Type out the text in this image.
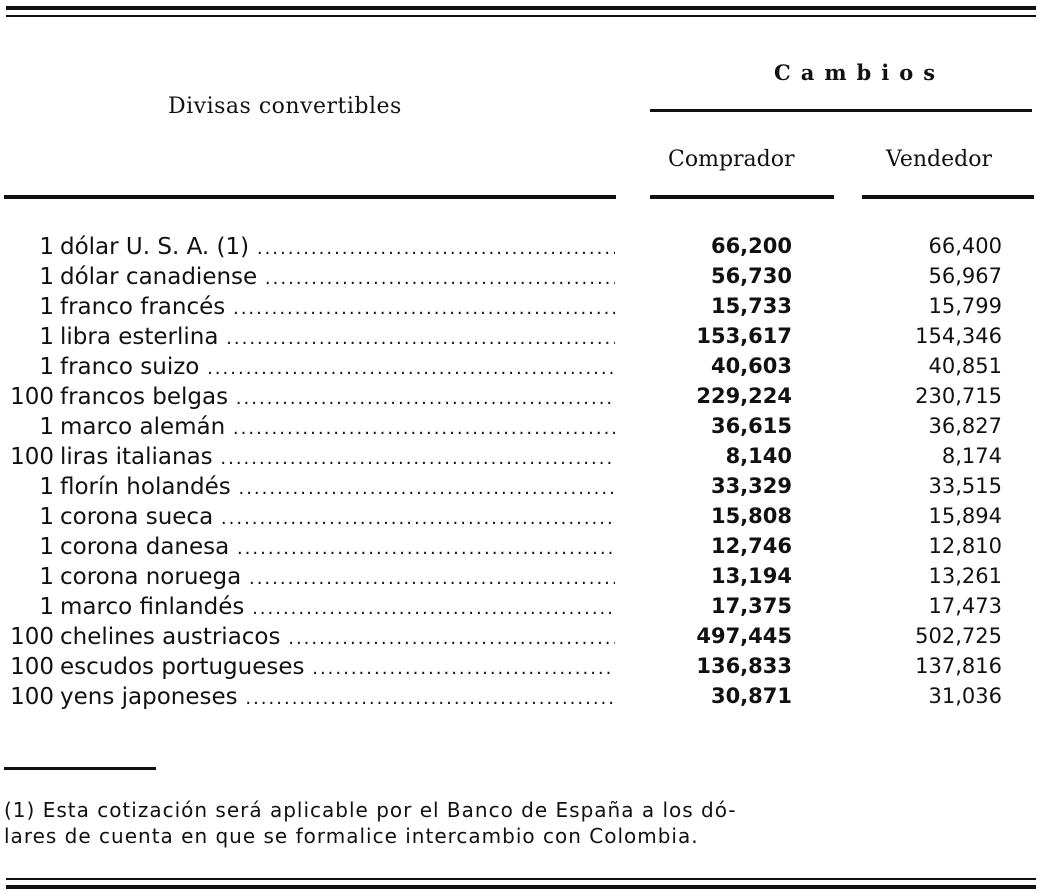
Divisas convertibles
Cambios
Comprador	Vendedor
1 dólar U. S. A. (1) .....	66,200	66,400
1 dólar canadiense .....	56,730	56,967
1 franco francés .....	15,733	15,799
1 libra esterlina .....	153,617	154,346
1 franco suizo .....	40,603	40,851
100 francos belgas .....	229,224	230,715
1 marco alemán .....	36,615	36,827
100 liras italianas .....	8,140	8,174
1 florín holandés .....	33,329	33,515
1 corona sueca .....	15,808	15,894
1 corona danesa .....	12,746	12,810
1 corona noruega .....	13,194	13,261
1 marco finlandés .....	17,375	17,473
100 chelines austriacos .....	497,445	502,725
100 escudos portugueses .....	136,833	137,816
100 yens japoneses .....	30,871	31,036
(1) Esta cotización será aplicable por el Banco de España a los dó-
lares de cuenta en que se formalice intercambio con Colombia.
